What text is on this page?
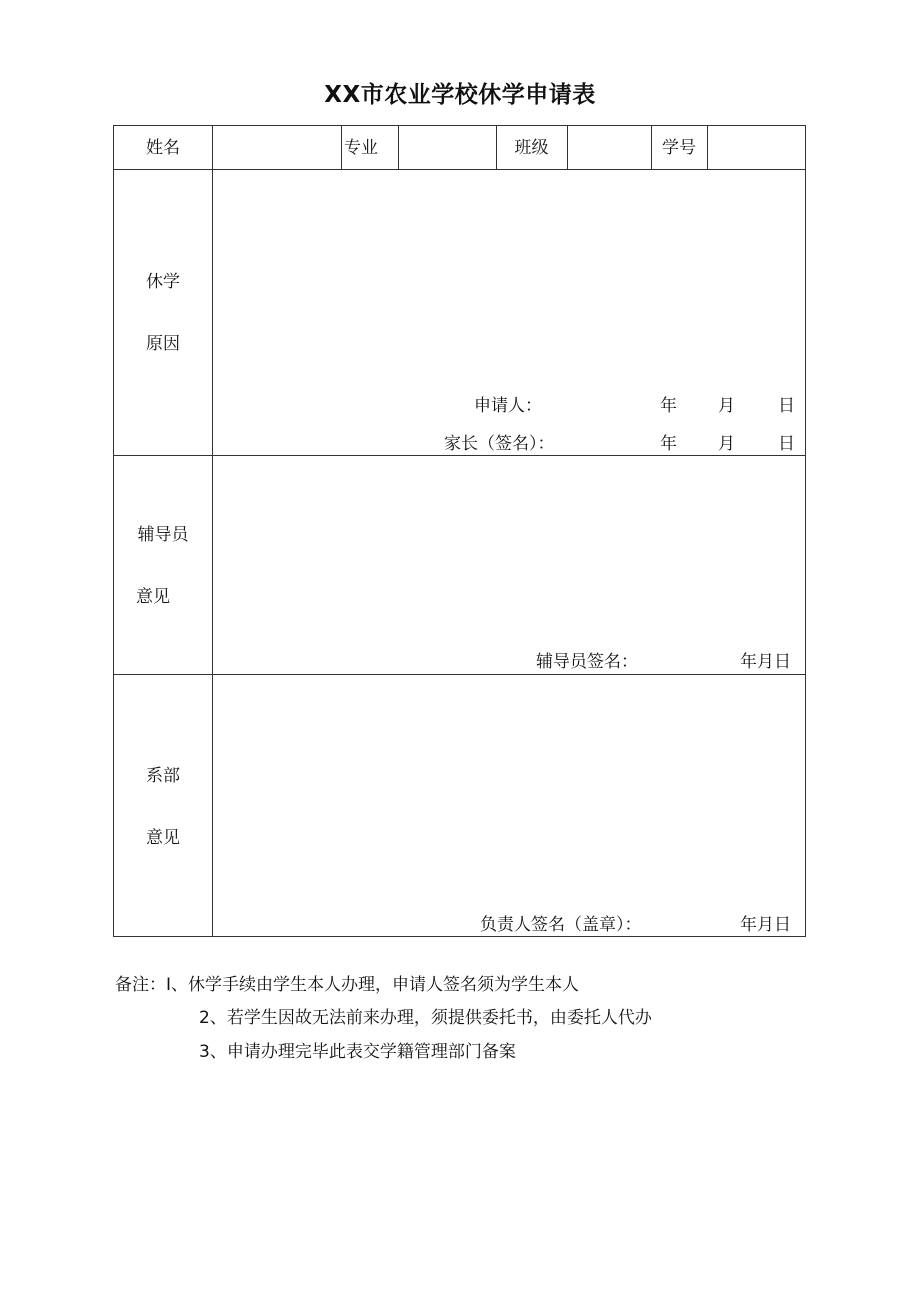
XX市农业学校休学申请表
姓名	专业	班级	学号
休学
原因
申请人：	年 月	日
家长（签名）：	年 月	日
辅导员
意见
辅导员签名：	年月日
系部
意见
负责人签名（盖章）：	年月日
备注： I、休学手续由学生本人办理，申请人签名须为学生本人
2、若学生因故无法前来办理，须提供委托书，由委托人代办
3、申请办理完毕此表交学籍管理部门备案
